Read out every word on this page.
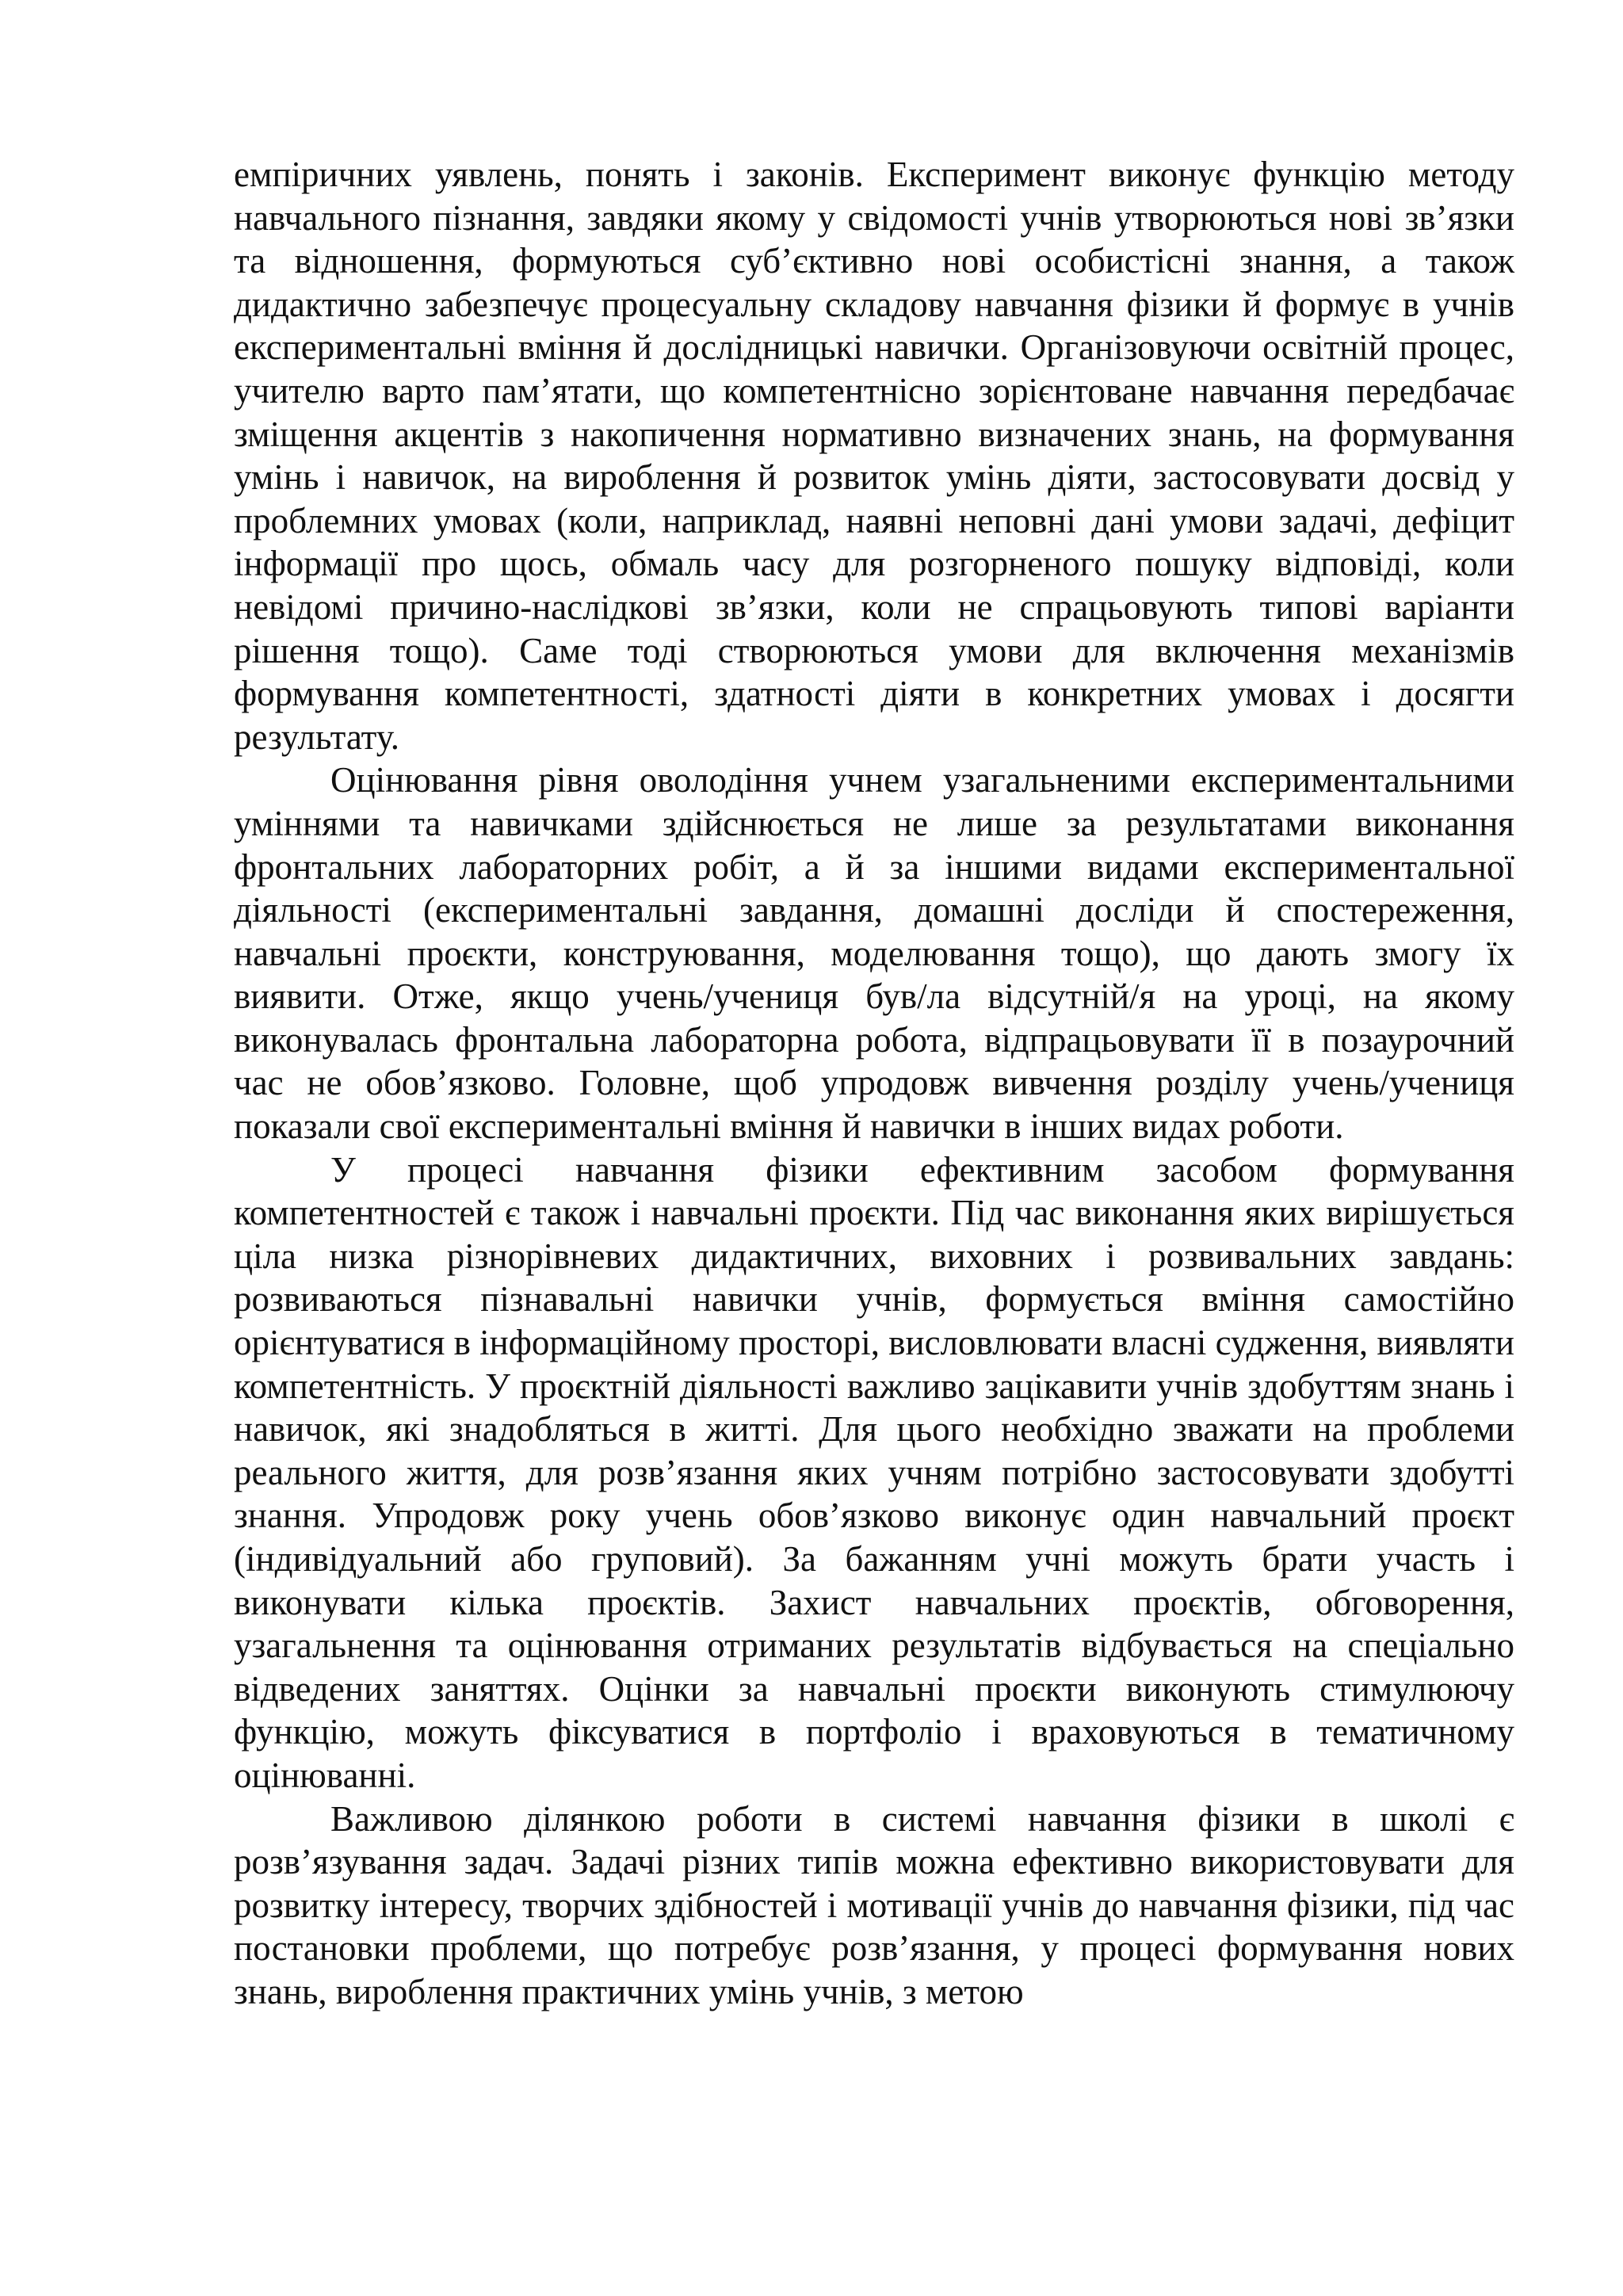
емпіричних уявлень, понять і законів. Експеримент виконує функцію методу навчального пізнання, завдяки якому у свідомості учнів утворюються нові зв’язки та відношення, формуються суб’єктивно нові особистісні знання, а також дидактично забезпечує процесуальну складову навчання фізики й формує в учнів експериментальні вміння й дослідницькі навички. Організовуючи освітній процес, учителю варто пам’ятати, що компетентнісно зорієнтоване навчання передбачає зміщення акцентів з накопичення нормативно визначених знань, на формування умінь і навичок, на вироблення й розвиток умінь діяти, застосовувати досвід у проблемних умовах (коли, наприклад, наявні неповні дані умови задачі, дефіцит інформації про щось, обмаль часу для розгорненого пошуку відповіді, коли невідомі причино-наслідкові зв’язки, коли не спрацьовують типові варіанти рішення тощо). Саме тоді створюються умови для включення механізмів формування компетентності, здатності діяти в конкретних умовах і досягти результату.

Оцінювання рівня оволодіння учнем узагальненими експериментальними уміннями та навичками здійснюється не лише за результатами виконання фронтальних лабораторних робіт, а й за іншими видами експериментальної діяльності (експериментальні завдання, домашні досліди й спостереження, навчальні проєкти, конструювання, моделювання тощо), що дають змогу їх виявити. Отже, якщо учень/учениця був/ла відсутній/я на уроці, на якому виконувалась фронтальна лабораторна робота, відпрацьовувати її в позаурочний час не обов’язково. Головне, щоб упродовж вивчення розділу учень/учениця показали свої експериментальні вміння й навички в інших видах роботи.

У процесі навчання фізики ефективним засобом формування компетентностей є також і навчальні проєкти. Під час виконання яких вирішується ціла низка різнорівневих дидактичних, виховних і розвивальних завдань: розвиваються пізнавальні навички учнів, формується вміння самостійно орієнтуватися в інформаційному просторі, висловлювати власні судження, виявляти компетентність. У проєктній діяльності важливо зацікавити учнів здобуттям знань і навичок, які знадобляться в житті. Для цього необхідно зважати на проблеми реального життя, для розв’язання яких учням потрібно застосовувати здобутті знання. Упродовж року учень обов’язково виконує один навчальний проєкт (індивідуальний або груповий). За бажанням учні можуть брати участь і виконувати кілька проєктів. Захист навчальних проєктів, обговорення, узагальнення та оцінювання отриманих результатів відбувається на спеціально відведених заняттях. Оцінки за навчальні проєкти виконують стимулюючу функцію, можуть фіксуватися в портфоліо і враховуються в тематичному оцінюванні.

Важливою ділянкою роботи в системі навчання фізики в школі є розв’язування задач. Задачі різних типів можна ефективно використовувати для розвитку інтересу, творчих здібностей і мотивації учнів до навчання фізики, під час постановки проблеми, що потребує розв’язання, у процесі формування нових знань, вироблення практичних умінь учнів, з метою
